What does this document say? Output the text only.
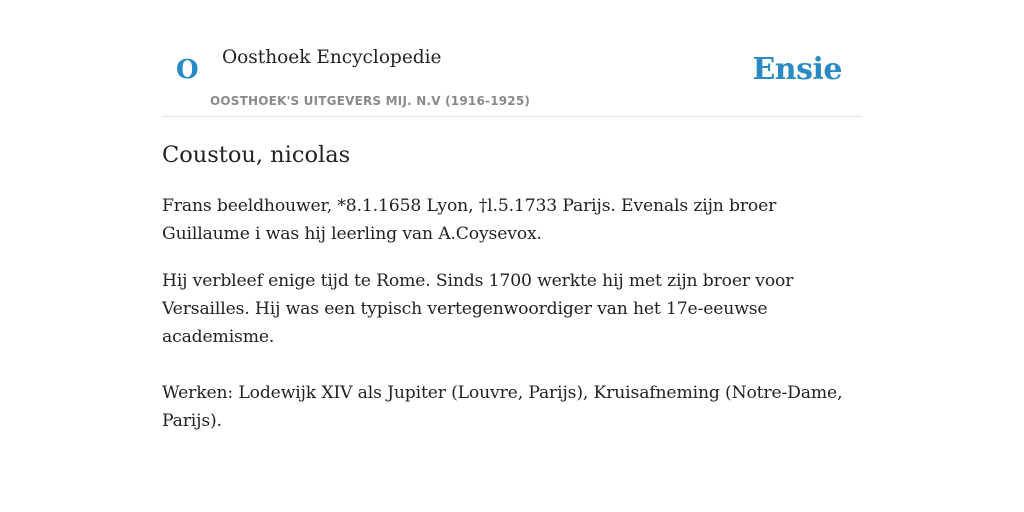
O Oosthoek Encyclopedie
OOSTHOEK'S UITGEVERS MIJ. N.V (1916-1925)
Ensie
Coustou, nicolas

Frans beeldhouwer, *8.1.1658 Lyon, †l.5.1733 Parijs. Evenals zijn broer Guillaume i was hij leerling van A.Coysevox.

Hij verbleef enige tijd te Rome. Sinds 1700 werkte hij met zijn broer voor Versailles. Hij was een typisch vertegenwoordiger van het 17e-eeuwse academisme.

Werken: Lodewijk XIV als Jupiter (Louvre, Parijs), Kruisafneming (Notre-Dame, Parijs).
